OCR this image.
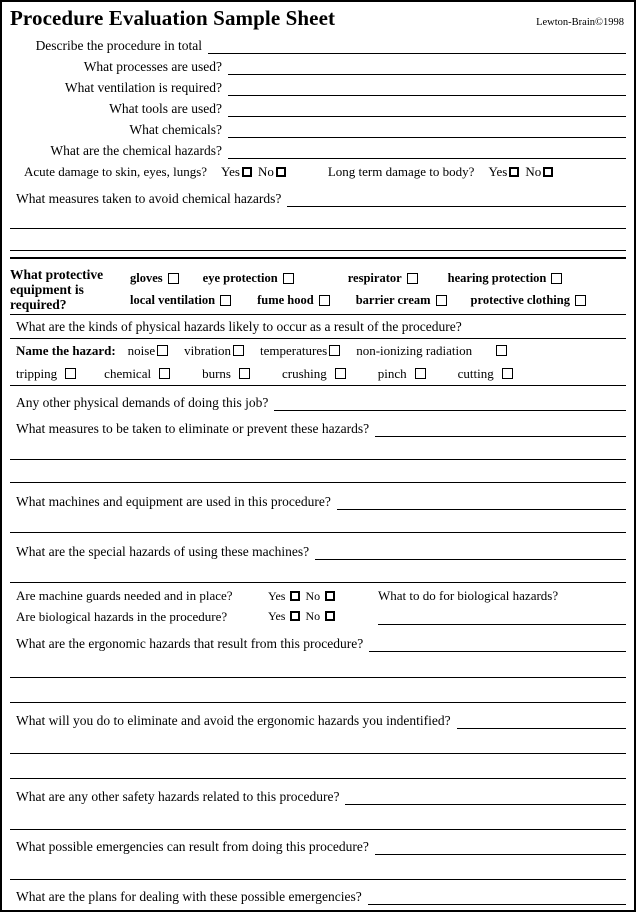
Procedure Evaluation Sample Sheet	Lewton-Brain©1998
Describe the procedure in total
What processes are used?
What ventilation is required?
What tools are used?
What chemicals?
What are the chemical hazards?
Acute damage to skin, eyes, lungs? Yes No	Long term damage to body? Yes No
What measures taken to avoid chemical hazards?
What protective
equipment is
required?
gloves	eye protection	respirator	hearing protection
local ventilation	fume hood	barrier cream	protective clothing
What are the kinds of physical hazards likely to occur as a result of the procedure?
Name the hazard: noise vibration temperatures non-ionizing radiation
tripping	chemical	burns	crushing	pinch	cutting
Any other physical demands of doing this job?
What measures to be taken to eliminate or prevent these hazards?
What machines and equipment are used in this procedure?
What are the special hazards of using these machines?
Are machine guards needed and in place?	Yes No	What to do for biological hazards?
Are biological hazards in the procedure?	Yes No
What are the ergonomic hazards that result from this procedure?
What will you do to eliminate and avoid the ergonomic hazards you indentified?
What are any other safety hazards related to this procedure?
What possible emergencies can result from doing this procedure?
What are the plans for dealing with these possible emergencies?
